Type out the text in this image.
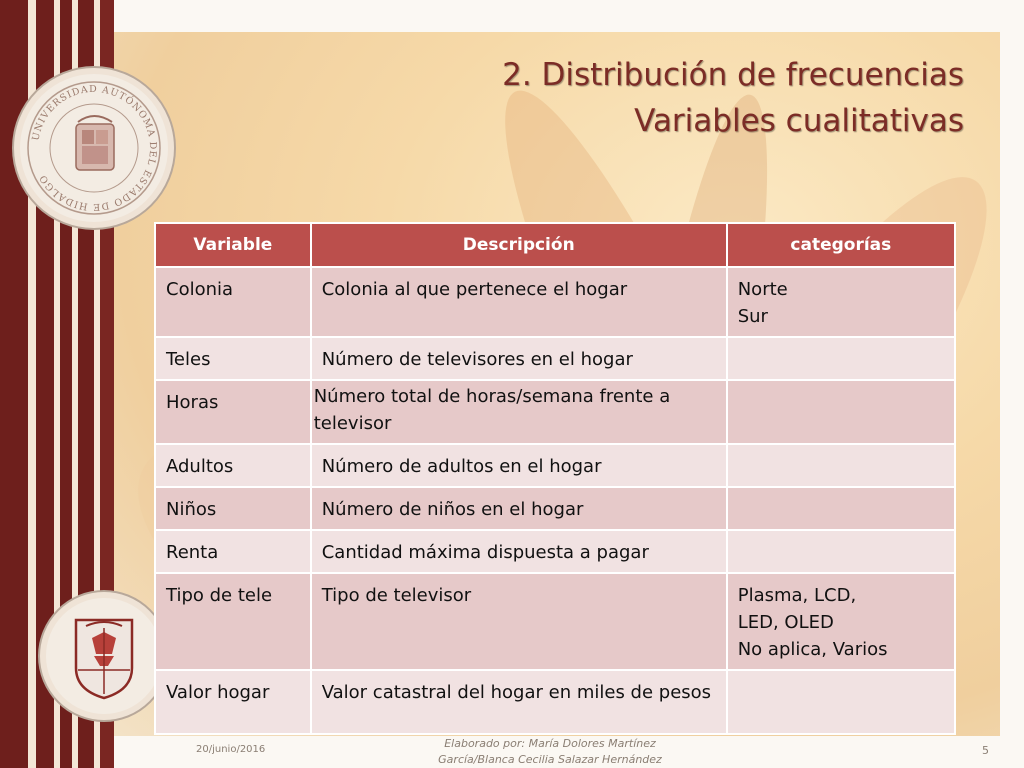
UNIVERSIDAD AUTÓNOMA DEL ESTADO DE HIDALGO
2. Distribución de frecuencias
Variables cualitativas
Variable	Descripción	categorías
Colonia	Colonia al que pertenece el hogar	Norte
Sur

Teles	Número de televisores en el hogar	
Horas	Número total de horas/semana frente a televisor	
Adultos	Número de adultos en el hogar	
Niños	Número de niños en el hogar	
Renta	Cantidad máxima dispuesta a pagar	
Tipo de tele	Tipo de televisor	Plasma, LCD,
LED, OLED
No aplica, Varios

Valor hogar	Valor catastral del hogar en miles de pesos	
20/junio/2016	Elaborado por: María Dolores Martínez
García/Blanca Cecilia Salazar Hernández
5
